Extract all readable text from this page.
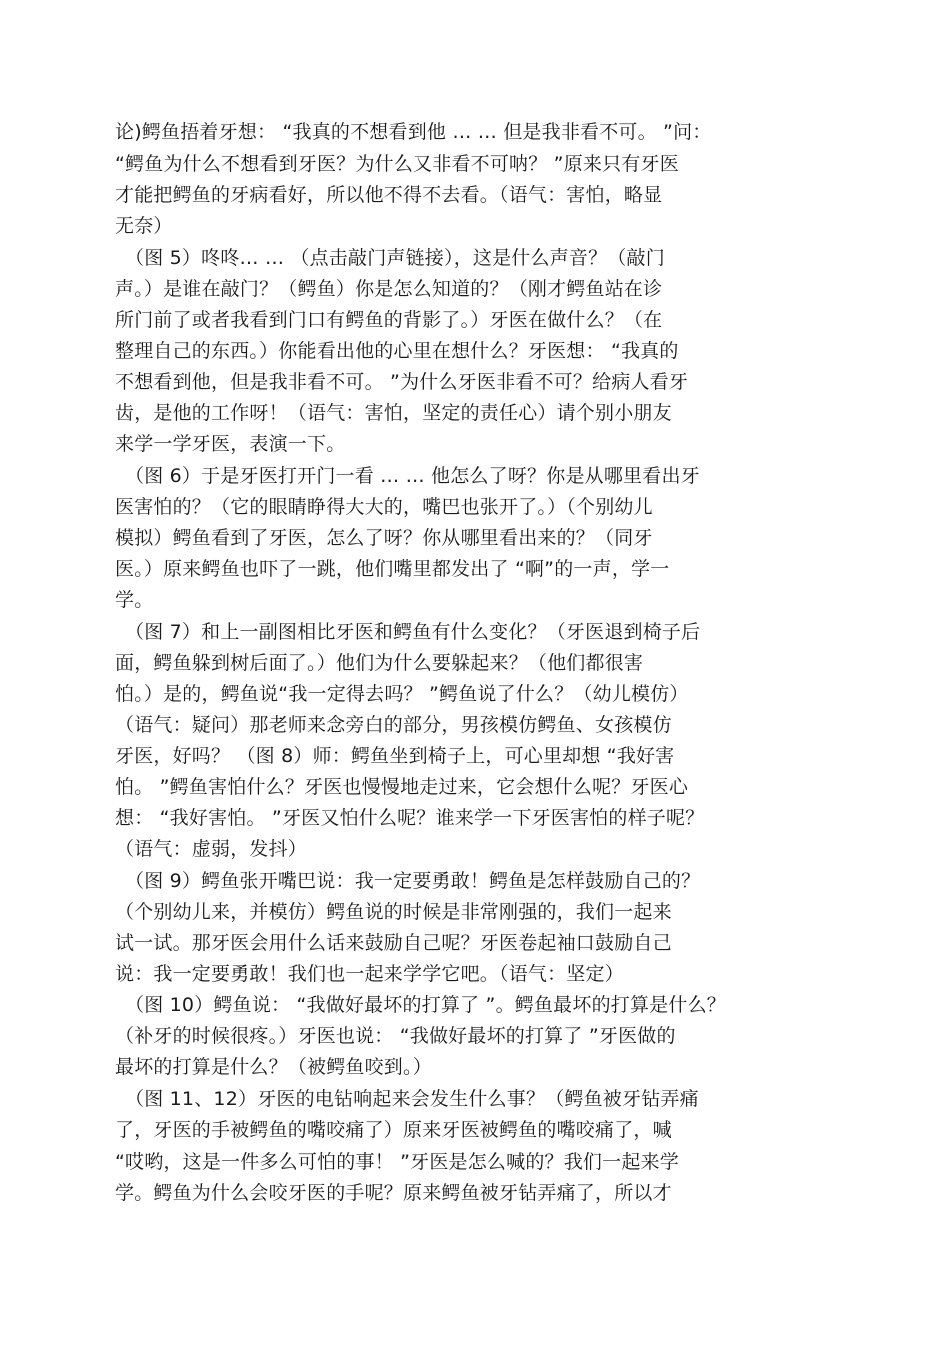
论)鳄鱼捂着牙想： “我真的不想看到他 … … 但是我非看不可。 ”问：
“鳄鱼为什么不想看到牙医？为什么又非看不可呐？ ”原来只有牙医
才能把鳄鱼的牙病看好，所以他不得不去看。（语气：害怕，略显
无奈）
（图 5）咚咚… … （点击敲门声链接），这是什么声音？（敲门
声。）是谁在敲门？（鳄鱼）你是怎么知道的？（刚才鳄鱼站在诊
所门前了或者我看到门口有鳄鱼的背影了。）牙医在做什么？（在
整理自己的东西。）你能看出他的心里在想什么？牙医想： “我真的
不想看到他，但是我非看不可。 ”为什么牙医非看不可？给病人看牙
齿，是他的工作呀！（语气：害怕，坚定的责任心）请个别小朋友
来学一学牙医，表演一下。
（图 6）于是牙医打开门一看 … … 他怎么了呀？你是从哪里看出牙
医害怕的？（它的眼睛睁得大大的，嘴巴也张开了。）（个别幼儿
模拟）鳄鱼看到了牙医，怎么了呀？你从哪里看出来的？（同牙
医。）原来鳄鱼也吓了一跳，他们嘴里都发出了 “啊”的一声，学一
学。
（图 7）和上一副图相比牙医和鳄鱼有什么变化？（牙医退到椅子后
面，鳄鱼躲到树后面了。）他们为什么要躲起来？（他们都很害
怕。）是的，鳄鱼说“我一定得去吗？ ”鳄鱼说了什么？（幼儿模仿）
（语气：疑问）那老师来念旁白的部分，男孩模仿鳄鱼、女孩模仿
牙医，好吗？ （图 8）师：鳄鱼坐到椅子上，可心里却想 “我好害
怕。 ”鳄鱼害怕什么？牙医也慢慢地走过来，它会想什么呢？牙医心
想： “我好害怕。 ”牙医又怕什么呢？谁来学一下牙医害怕的样子呢？
（语气：虚弱，发抖）
（图 9）鳄鱼张开嘴巴说：我一定要勇敢！鳄鱼是怎样鼓励自己的？
（个别幼儿来，并模仿）鳄鱼说的时候是非常刚强的，我们一起来
试一试。那牙医会用什么话来鼓励自己呢？牙医卷起袖口鼓励自己
说：我一定要勇敢！我们也一起来学学它吧。（语气：坚定）
（图 10）鳄鱼说： “我做好最坏的打算了 ”。鳄鱼最坏的打算是什么？
（补牙的时候很疼。）牙医也说： “我做好最坏的打算了 ”牙医做的
最坏的打算是什么？（被鳄鱼咬到。）
（图 11、12）牙医的电钻响起来会发生什么事？（鳄鱼被牙钻弄痛
了，牙医的手被鳄鱼的嘴咬痛了）原来牙医被鳄鱼的嘴咬痛了，喊
“哎哟，这是一件多么可怕的事！ ”牙医是怎么喊的？我们一起来学
学。鳄鱼为什么会咬牙医的手呢？原来鳄鱼被牙钻弄痛了，所以才
